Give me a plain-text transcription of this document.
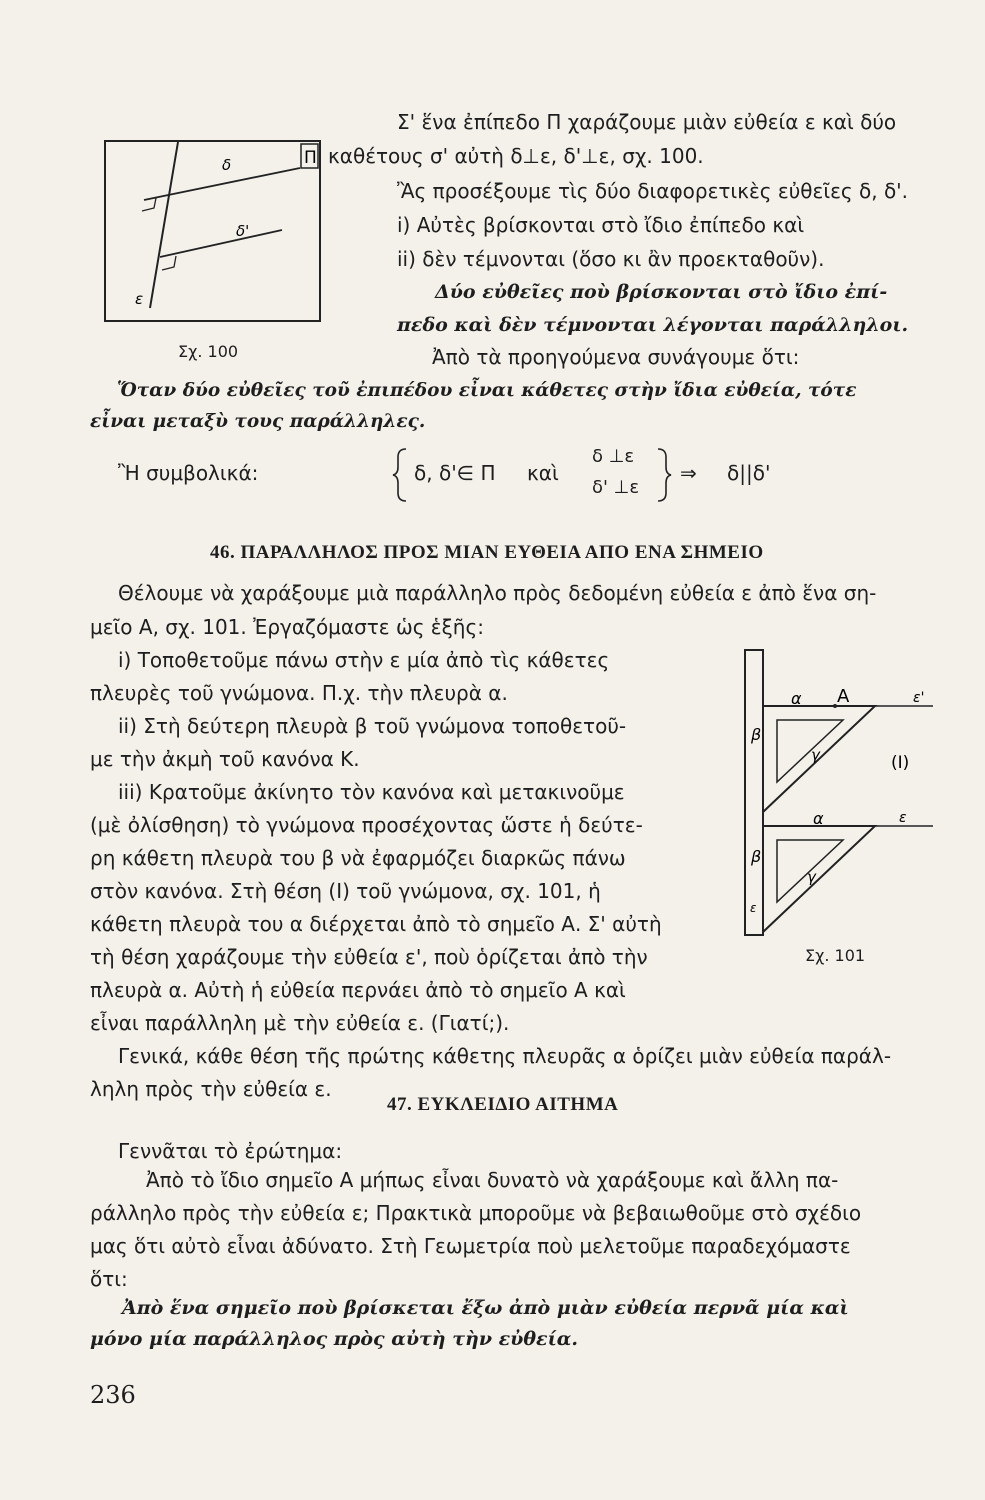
Π
δ
δ'
ε
Σχ. 100
Σ' ἕνα ἐπίπεδο Π χαράζουμε μιὰν εὐθεία ε καὶ δύο
καθέτους σ' αὐτὴ δ⊥ε, δ'⊥ε, σχ. 100.
Ἂς προσέξουμε τὶς δύο διαφορετικὲς εὐθεῖες δ, δ'.
i) Αὐτὲς βρίσκονται στὸ ἴδιο ἐπίπεδο καὶ
ii) δὲν τέμνονται (ὅσο κι ἂν προεκταθοῦν).
Δύο εὐθεῖες ποὺ βρίσκονται στὸ ἴδιο ἐπί-
πεδο καὶ δὲν τέμνονται λέγονται παράλληλοι.
Ἀπὸ τὰ προηγούμενα συνάγουμε ὅτι:
Ὅταν δύο εὐθεῖες τοῦ ἐπιπέδου εἶναι κάθετες στὴν ἴδια εὐθεία, τότε
εἶναι μεταξὺ τους παράλληλες.
Ἢ συμβολικά:	δ, δ'∈ Π καὶ
δ ⊥ε
δ' ⊥ε
⇒ δ||δ'
46. ΠΑΡΑΛΛΗΛΟΣ ΠΡΟΣ ΜΙΑΝ ΕΥΘΕΙΑ ΑΠΟ ΕΝΑ ΣΗΜΕΙΟ
Θέλουμε νὰ χαράξουμε μιὰ παράλληλο πρὸς δεδομένη εὐθεία ε ἀπὸ ἕνα ση-
μεῖο Α, σχ. 101. Ἐργαζόμαστε ὡς ἑξῆς:
i) Τοποθετοῦμε πάνω στὴν ε μία ἀπὸ τὶς κάθετες
πλευρὲς τοῦ γνώμονα. Π.χ. τὴν πλευρὰ α.
ii) Στὴ δεύτερη πλευρὰ β τοῦ γνώμονα τοποθετοῦ-
με τὴν ἀκμὴ τοῦ κανόνα Κ.
iii) Κρατοῦμε ἀκίνητο τὸν κανόνα καὶ μετακινοῦμε
(μὲ ὀλίσθηση) τὸ γνώμονα προσέχοντας ὥστε ἡ δεύτε-
ρη κάθετη πλευρὰ του β νὰ ἐφαρμόζει διαρκῶς πάνω
στὸν κανόνα. Στὴ θέση (Ι) τοῦ γνώμονα, σχ. 101, ἡ
κάθετη πλευρὰ του α διέρχεται ἀπὸ τὸ σημεῖο Α. Σ' αὐτὴ
τὴ θέση χαράζουμε τὴν εὐθεία ε', ποὺ ὁρίζεται ἀπὸ τὴν
πλευρὰ α. Αὐτὴ ἡ εὐθεία περνάει ἀπὸ τὸ σημεῖο Α καὶ
εἶναι παράλληλη μὲ τὴν εὐθεία ε. (Γιατί;).
Γενικά, κάθε θέση τῆς πρώτης κάθετης πλευρᾶς α ὁρίζει μιὰν εὐθεία παράλ-
ληλη πρὸς τὴν εὐθεία ε.
α Α	ε'
β
γ	(Ι)
α	ε
β
γ
ε
Σχ. 101
47. ΕΥΚΛΕΙΔΙΟ ΑΙΤΗΜΑ
Γεννᾶται τὸ ἐρώτημα:
Ἀπὸ τὸ ἴδιο σημεῖο Α μήπως εἶναι δυνατὸ νὰ χαράξουμε καὶ ἄλλη πα-
ράλληλο πρὸς τὴν εὐθεία ε; Πρακτικὰ μποροῦμε νὰ βεβαιωθοῦμε στὸ σχέδιο
μας ὅτι αὐτὸ εἶναι ἀδύνατο. Στὴ Γεωμετρία ποὺ μελετοῦμε παραδεχόμαστε
ὅτι:
Ἀπὸ ἕνα σημεῖο ποὺ βρίσκεται ἔξω ἀπὸ μιὰν εὐθεία περνᾶ μία καὶ
μόνο μία παράλληλος πρὸς αὐτὴ τὴν εὐθεία.
236
